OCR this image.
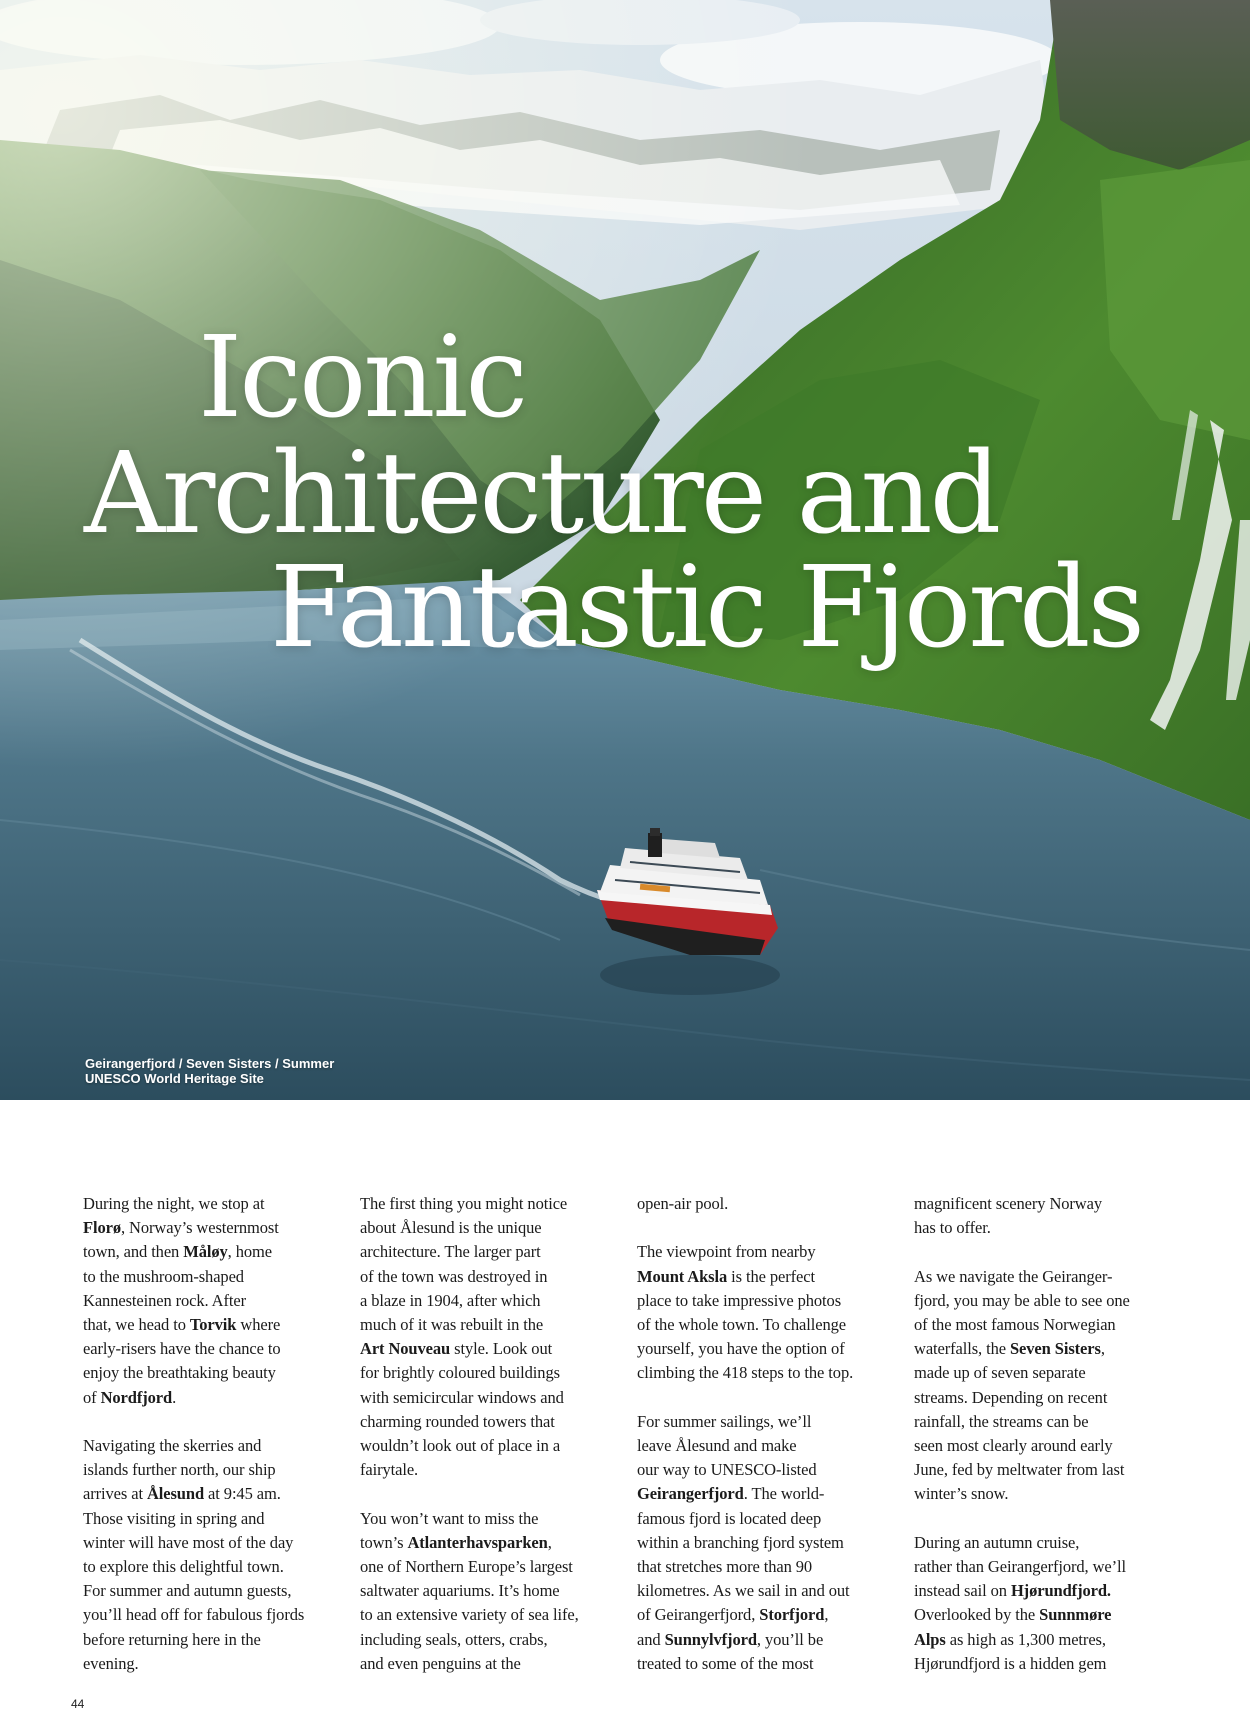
Iconic
Architecture and
Fantastic Fjords
Geirangerfjord / Seven Sisters / Summer
UNESCO World Heritage Site
During the night, we stop at
Florø, Norway’s westernmost
town, and then Måløy, home
to the mushroom-shaped
Kannesteinen rock. After
that, we head to Torvik where
early-risers have the chance to
enjoy the breathtaking beauty
of Nordfjord.
Navigating the skerries and
islands further north, our ship
arrives at Ålesund at 9:45 am.
Those visiting in spring and
winter will have most of the day
to explore this delightful town.
For summer and autumn guests,
you’ll head off for fabulous fjords
before returning here in the
evening.
The first thing you might notice
about Ålesund is the unique
architecture. The larger part
of the town was destroyed in
a blaze in 1904, after which
much of it was rebuilt in the
Art Nouveau style. Look out
for brightly coloured buildings
with semicircular windows and
charming rounded towers that
wouldn’t look out of place in a
fairytale.
You won’t want to miss the
town’s Atlanterhavsparken,
one of Northern Europe’s largest
saltwater aquariums. It’s home
to an extensive variety of sea life,
including seals, otters, crabs,
and even penguins at the
open-air pool.
The viewpoint from nearby
Mount Aksla is the perfect
place to take impressive photos
of the whole town. To challenge
yourself, you have the option of
climbing the 418 steps to the top.
For summer sailings, we’ll
leave Ålesund and make
our way to UNESCO-listed
Geirangerfjord. The world-
famous fjord is located deep
within a branching fjord system
that stretches more than 90
kilometres. As we sail in and out
of Geirangerfjord, Storfjord,
and Sunnylvfjord, you’ll be
treated to some of the most
magnificent scenery Norway
has to offer.
As we navigate the Geiranger-
fjord, you may be able to see one
of the most famous Norwegian
waterfalls, the Seven Sisters,
made up of seven separate
streams. Depending on recent
rainfall, the streams can be
seen most clearly around early
June, fed by meltwater from last
winter’s snow.
During an autumn cruise,
rather than Geirangerfjord, we’ll
instead sail on Hjørundfjord.
Overlooked by the Sunnmøre
Alps as high as 1,300 metres,
Hjørundfjord is a hidden gem
44
